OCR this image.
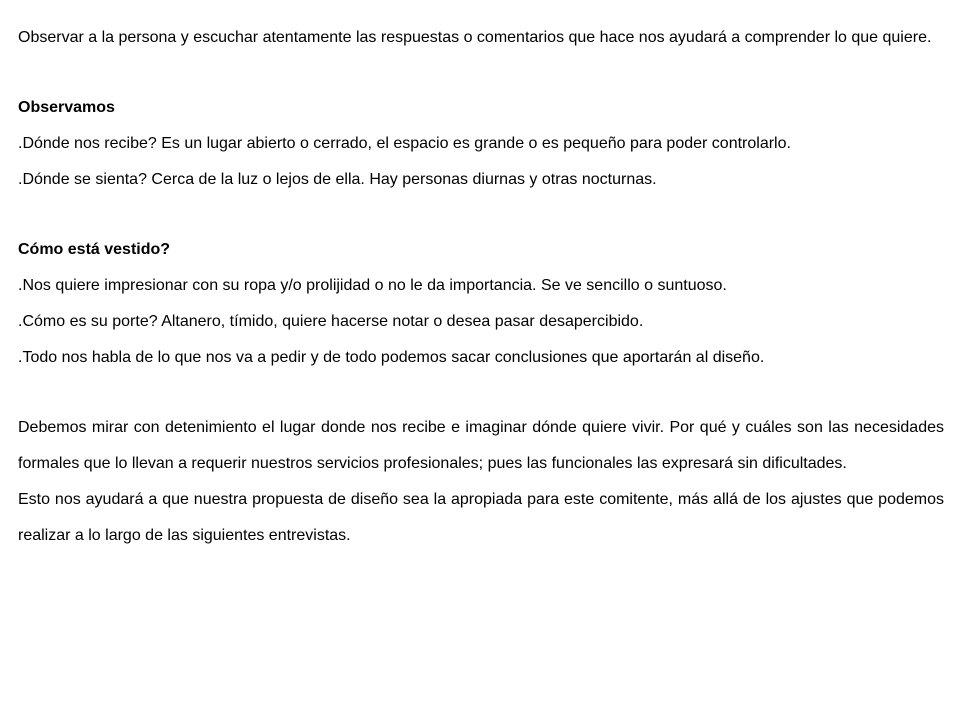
Observar a la persona y escuchar atentamente las respuestas o comentarios que hace nos ayudará a comprender lo que quiere.

Observamos

.Dónde nos recibe? Es un lugar abierto o cerrado, el espacio es grande o es pequeño para poder controlarlo.

.Dónde se sienta? Cerca de la luz o lejos de ella. Hay personas diurnas y otras nocturnas.

Cómo está vestido?

.Nos quiere impresionar con su ropa y/o prolijidad o no le da importancia. Se ve sencillo o suntuoso.

.Cómo es su porte? Altanero, tímido, quiere hacerse notar o desea pasar desapercibido.

.Todo nos habla de lo que nos va a pedir y de todo podemos sacar conclusiones que aportarán al diseño.

Debemos mirar con detenimiento el lugar donde nos recibe e imaginar dónde quiere vivir. Por qué y cuáles son las necesidades formales que lo llevan a requerir nuestros servicios profesionales; pues las funcionales las expresará sin dificultades.

Esto nos ayudará a que nuestra propuesta de diseño sea la apropiada para este comitente, más allá de los ajustes que podemos realizar a lo largo de las siguientes entrevistas.
